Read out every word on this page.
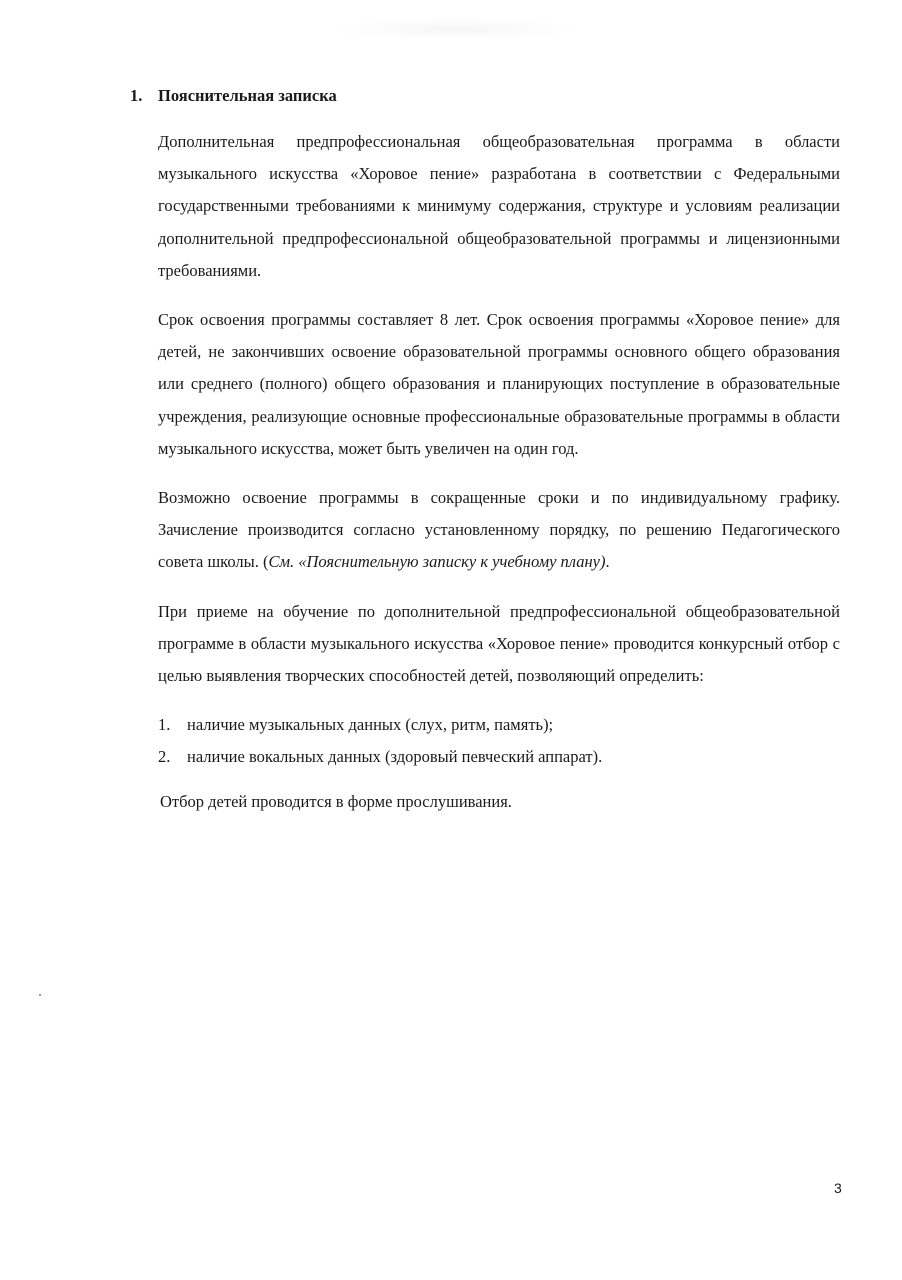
1. Пояснительная записка

Дополнительная предпрофессиональная общеобразовательная программа в области музыкального искусства «Хоровое пение» разработана в соответствии с Федеральными государственными требованиями к минимуму содержания, структуре и условиям реализации дополнительной предпрофессиональной общеобразовательной программы и лицензионными требованиями.

Срок освоения программы составляет 8 лет. Срок освоения программы «Хоровое пение» для детей, не закончивших освоение образовательной программы основного общего образования или среднего (полного) общего образования и планирующих поступление в образовательные учреждения, реализующие основные профессиональные образовательные программы в области музыкального искусства, может быть увеличен на один год.

Возможно освоение программы в сокращенные сроки и по индивидуальному графику. Зачисление производится согласно установленному порядку, по решению Педагогического совета школы. (См. «Пояснительную записку к учебному плану).

При приеме на обучение по дополнительной предпрофессиональной общеобразовательной программе в области музыкального искусства «Хоровое пение» проводится конкурсный отбор с целью выявления творческих способностей детей, позволяющий определить:

1.	наличие музыкальных данных (слух, ритм, память);
2.	наличие вокальных данных (здоровый певческий аппарат).

Отбор детей проводится в форме прослушивания.

3
